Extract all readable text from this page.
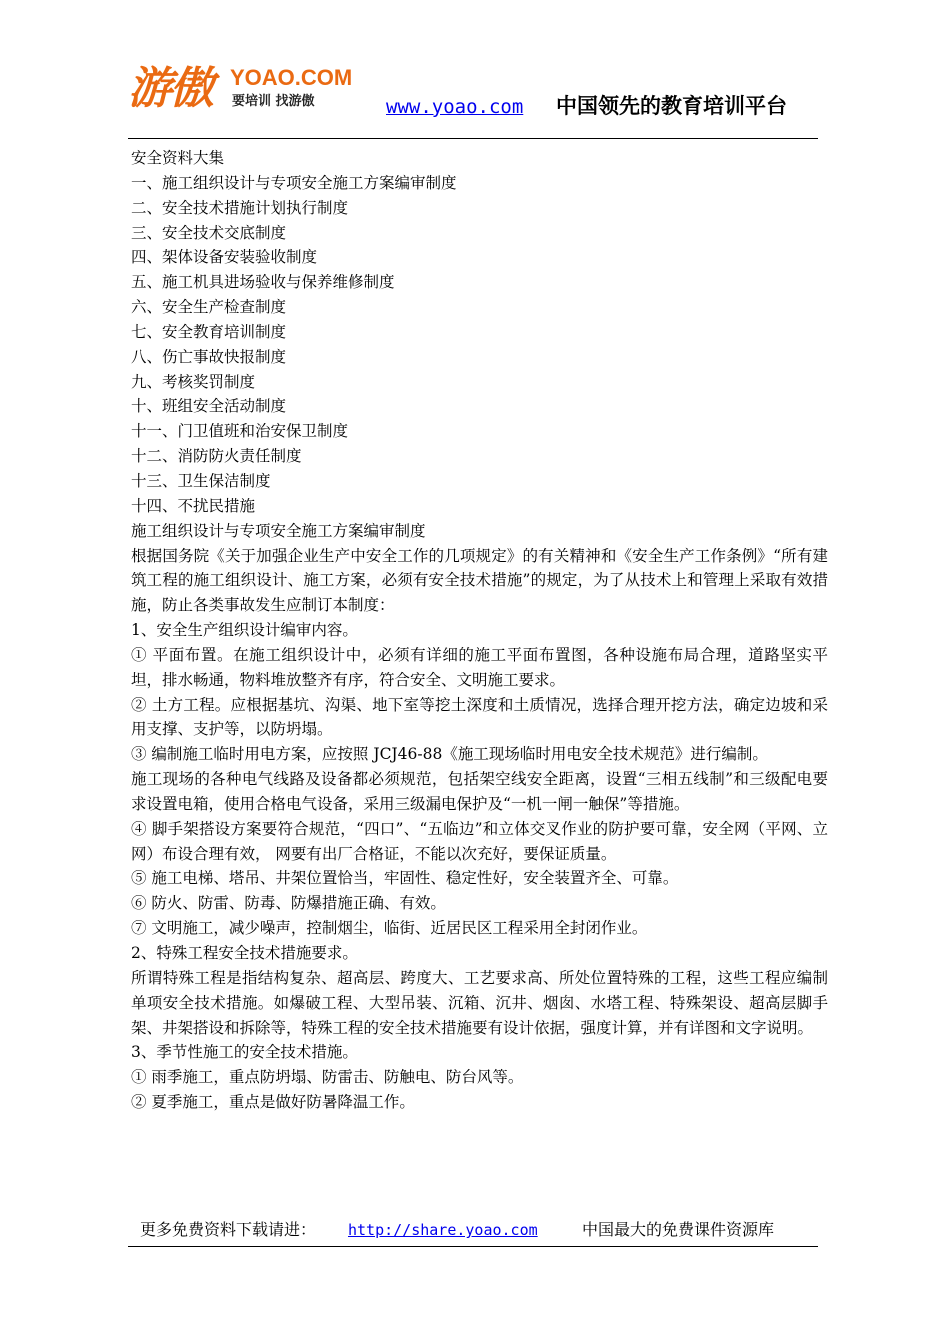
游傲 YOAO.COM
要培训 找游傲	www.yoao.com 中国领先的教育培训平台

安全资料大集

一、施工组织设计与专项安全施工方案编审制度

二、安全技术措施计划执行制度

三、安全技术交底制度

四、架体设备安装验收制度

五、施工机具进场验收与保养维修制度

六、安全生产检查制度

七、安全教育培训制度

八、伤亡事故快报制度

九、考核奖罚制度

十、班组安全活动制度

十一、门卫值班和治安保卫制度

十二、消防防火责任制度

十三、卫生保洁制度

十四、不扰民措施

施工组织设计与专项安全施工方案编审制度

根据国务院《关于加强企业生产中安全工作的几项规定》的有关精神和《安全生产工作条例》“所有建筑工程的施工组织设计、施工方案，必须有安全技术措施”的规定，为了从技术上和管理上采取有效措施，防止各类事故发生应制订本制度：

1、安全生产组织设计编审内容。

① 平面布置。在施工组织设计中，必须有详细的施工平面布置图，各种设施布局合理，道路坚实平坦，排水畅通，物料堆放整齐有序，符合安全、文明施工要求。

② 土方工程。应根据基坑、沟渠、地下室等挖土深度和土质情况，选择合理开挖方法，确定边坡和采用支撑、支护等，以防坍塌。

③ 编制施工临时用电方案，应按照 JCJ46-88《施工现场临时用电安全技术规范》进行编制。

施工现场的各种电气线路及设备都必须规范，包括架空线安全距离，设置“三相五线制”和三级配电要求设置电箱，使用合格电气设备，采用三级漏电保护及“一机一闸一触保”等措施。

④ 脚手架搭设方案要符合规范，“四口”、“五临边”和立体交叉作业的防护要可靠，安全网（平网、立网）布设合理有效， 网要有出厂合格证，不能以次充好，要保证质量。

⑤ 施工电梯、塔吊、井架位置恰当，牢固性、稳定性好，安全装置齐全、可靠。

⑥ 防火、防雷、防毒、防爆措施正确、有效。

⑦ 文明施工，减少噪声，控制烟尘，临街、近居民区工程采用全封闭作业。

2、特殊工程安全技术措施要求。

所谓特殊工程是指结构复杂、超高层、跨度大、工艺要求高、所处位置特殊的工程，这些工程应编制单项安全技术措施。如爆破工程、大型吊装、沉箱、沉井、烟囱、水塔工程、特殊架设、超高层脚手架、井架搭设和拆除等，特殊工程的安全技术措施要有设计依据，强度计算，并有详图和文字说明。

3、季节性施工的安全技术措施。

① 雨季施工，重点防坍塌、防雷击、防触电、防台风等。

② 夏季施工，重点是做好防暑降温工作。

更多免费资料下载请进： http://share.yoao.com	中国最大的免费课件资源库
